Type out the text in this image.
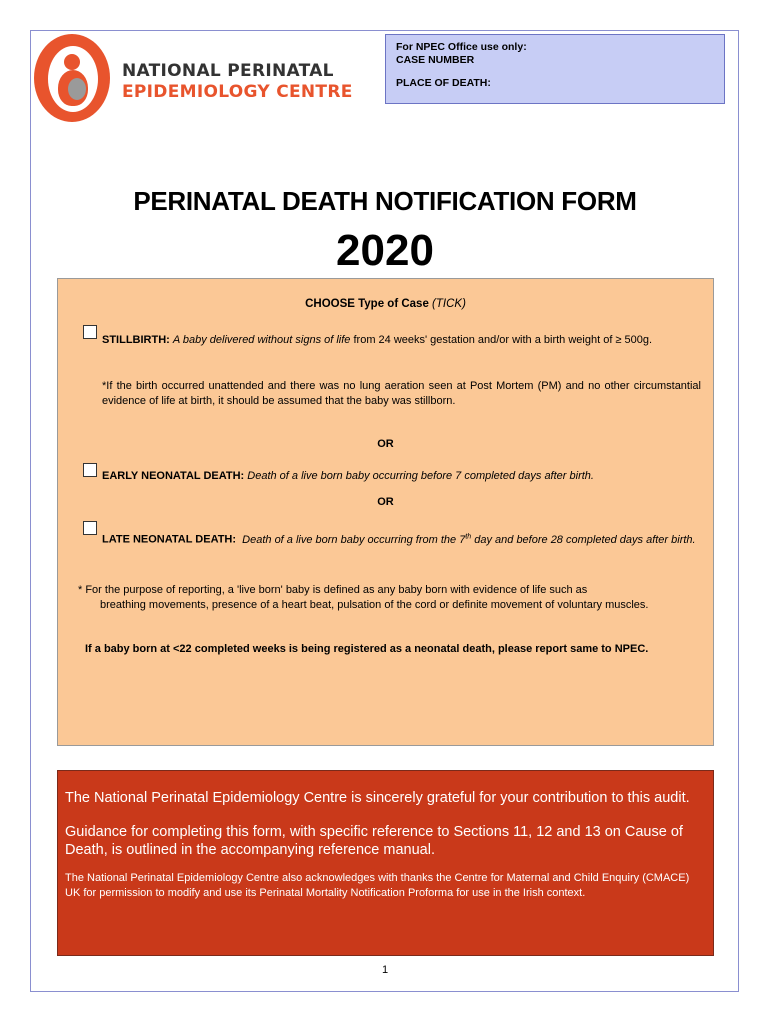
NATIONAL PERINATAL
EPIDEMIOLOGY CENTRE
For NPEC Office use only:
CASE NUMBER
PLACE OF DEATH:
PERINATAL DEATH NOTIFICATION FORM
2020
CHOOSE Type of Case (TICK)
STILLBIRTH: A baby delivered without signs of life from 24 weeks' gestation and/or with a birth weight of ≥ 500g.
*If the birth occurred unattended and there was no lung aeration seen at Post Mortem (PM) and no other circumstantial evidence of life at birth, it should be assumed that the baby was stillborn.
OR
EARLY NEONATAL DEATH: Death of a live born baby occurring before 7 completed days after birth.
OR
LATE NEONATAL DEATH: Death of a live born baby occurring from the 7th day and before 28 completed days after birth.
* For the purpose of reporting, a 'live born' baby is defined as any baby born with evidence of life such as
breathing movements, presence of a heart beat, pulsation of the cord or definite movement of voluntary muscles.
If a baby born at <22 completed weeks is being registered as a neonatal death, please report same to NPEC.

The National Perinatal Epidemiology Centre is sincerely grateful for your contribution to this audit.

Guidance for completing this form, with specific reference to Sections 11, 12 and 13 on Cause of Death, is outlined in the accompanying reference manual.

The National Perinatal Epidemiology Centre also acknowledges with thanks the Centre for Maternal and Child Enquiry (CMACE) UK for permission to modify and use its Perinatal Mortality Notification Proforma for use in the Irish context.

1
